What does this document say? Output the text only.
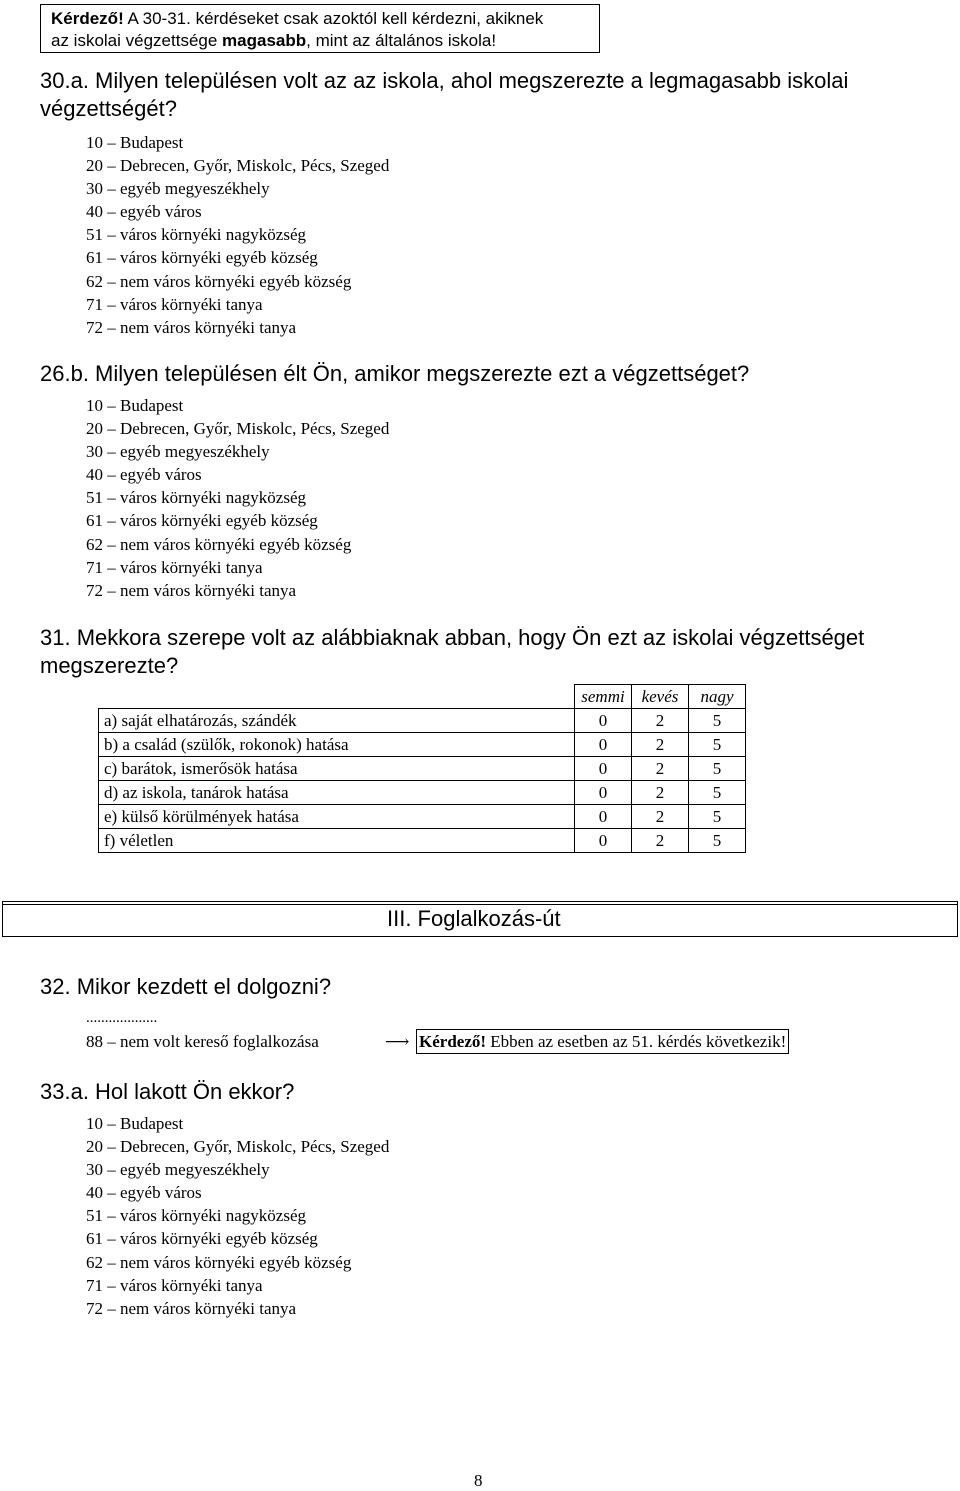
Kérdező! A 30-31. kérdéseket csak azoktól kell kérdezni, akiknek
az iskolai végzettsége magasabb, mint az általános iskola!
30.a. Milyen településen volt az az iskola, ahol megszerezte a legmagasabb iskolai végzettségét?
10 – Budapest
20 – Debrecen, Győr, Miskolc, Pécs, Szeged
30 – egyéb megyeszékhely
40 – egyéb város
51 – város környéki nagyközség
61 – város környéki egyéb község
62 – nem város környéki egyéb község
71 – város környéki tanya
72 – nem város környéki tanya
26.b. Milyen településen élt Ön, amikor megszerezte ezt a végzettséget?
10 – Budapest
20 – Debrecen, Győr, Miskolc, Pécs, Szeged
30 – egyéb megyeszékhely
40 – egyéb város
51 – város környéki nagyközség
61 – város környéki egyéb község
62 – nem város környéki egyéb község
71 – város környéki tanya
72 – nem város környéki tanya
31. Mekkora szerepe volt az alábbiaknak abban, hogy Ön ezt az iskolai végzettséget
megszerezte?
	semmi	kevés	nagy
a) saját elhatározás, szándék	0	2	5
b) a család (szülők, rokonok) hatása	0	2	5
c) barátok, ismerősök hatása	0	2	5
d) az iskola, tanárok hatása	0	2	5
e) külső körülmények hatása	0	2	5
f) véletlen	0	2	5
III. Foglalkozás-út
32. Mikor kezdett el dolgozni?
...................
88 – nem volt kereső foglalkozása	⟶ Kérdező! Ebben az esetben az 51. kérdés következik!
33.a. Hol lakott Ön ekkor?
10 – Budapest
20 – Debrecen, Győr, Miskolc, Pécs, Szeged
30 – egyéb megyeszékhely
40 – egyéb város
51 – város környéki nagyközség
61 – város környéki egyéb község
62 – nem város környéki egyéb község
71 – város környéki tanya
72 – nem város környéki tanya
8
